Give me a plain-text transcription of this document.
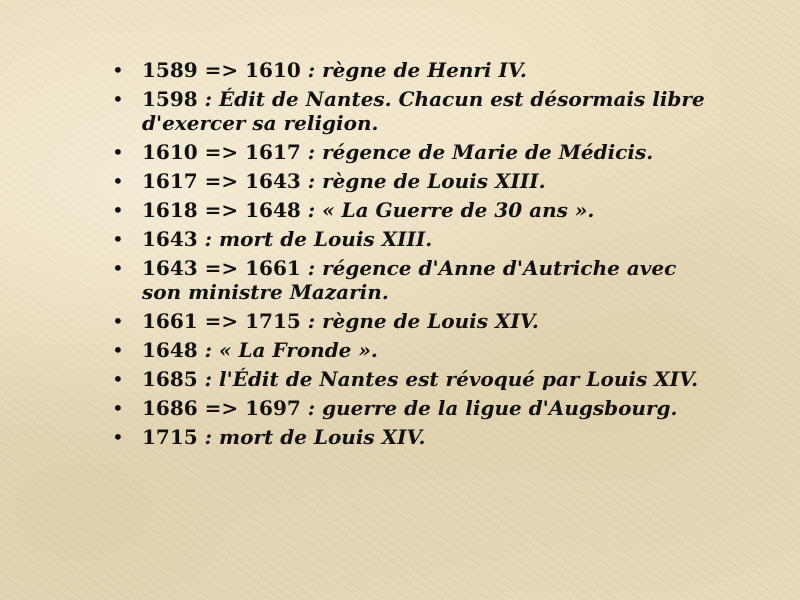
• 1589 => 1610 : règne de Henri IV.
• 1598 : Édit de Nantes. Chacun est désormais libre d'exercer sa religion.
• 1610 => 1617 : régence de Marie de Médicis.
• 1617 => 1643 : règne de Louis XIII.
• 1618 => 1648 : « La Guerre de 30 ans ».
• 1643 : mort de Louis XIII.
• 1643 => 1661 : régence d'Anne d'Autriche avec son ministre Mazarin.
• 1661 => 1715 : règne de Louis XIV.
• 1648 : « La Fronde ».
• 1685 : l'Édit de Nantes est révoqué par Louis XIV.
• 1686 => 1697 : guerre de la ligue d'Augsbourg.
• 1715 : mort de Louis XIV.
